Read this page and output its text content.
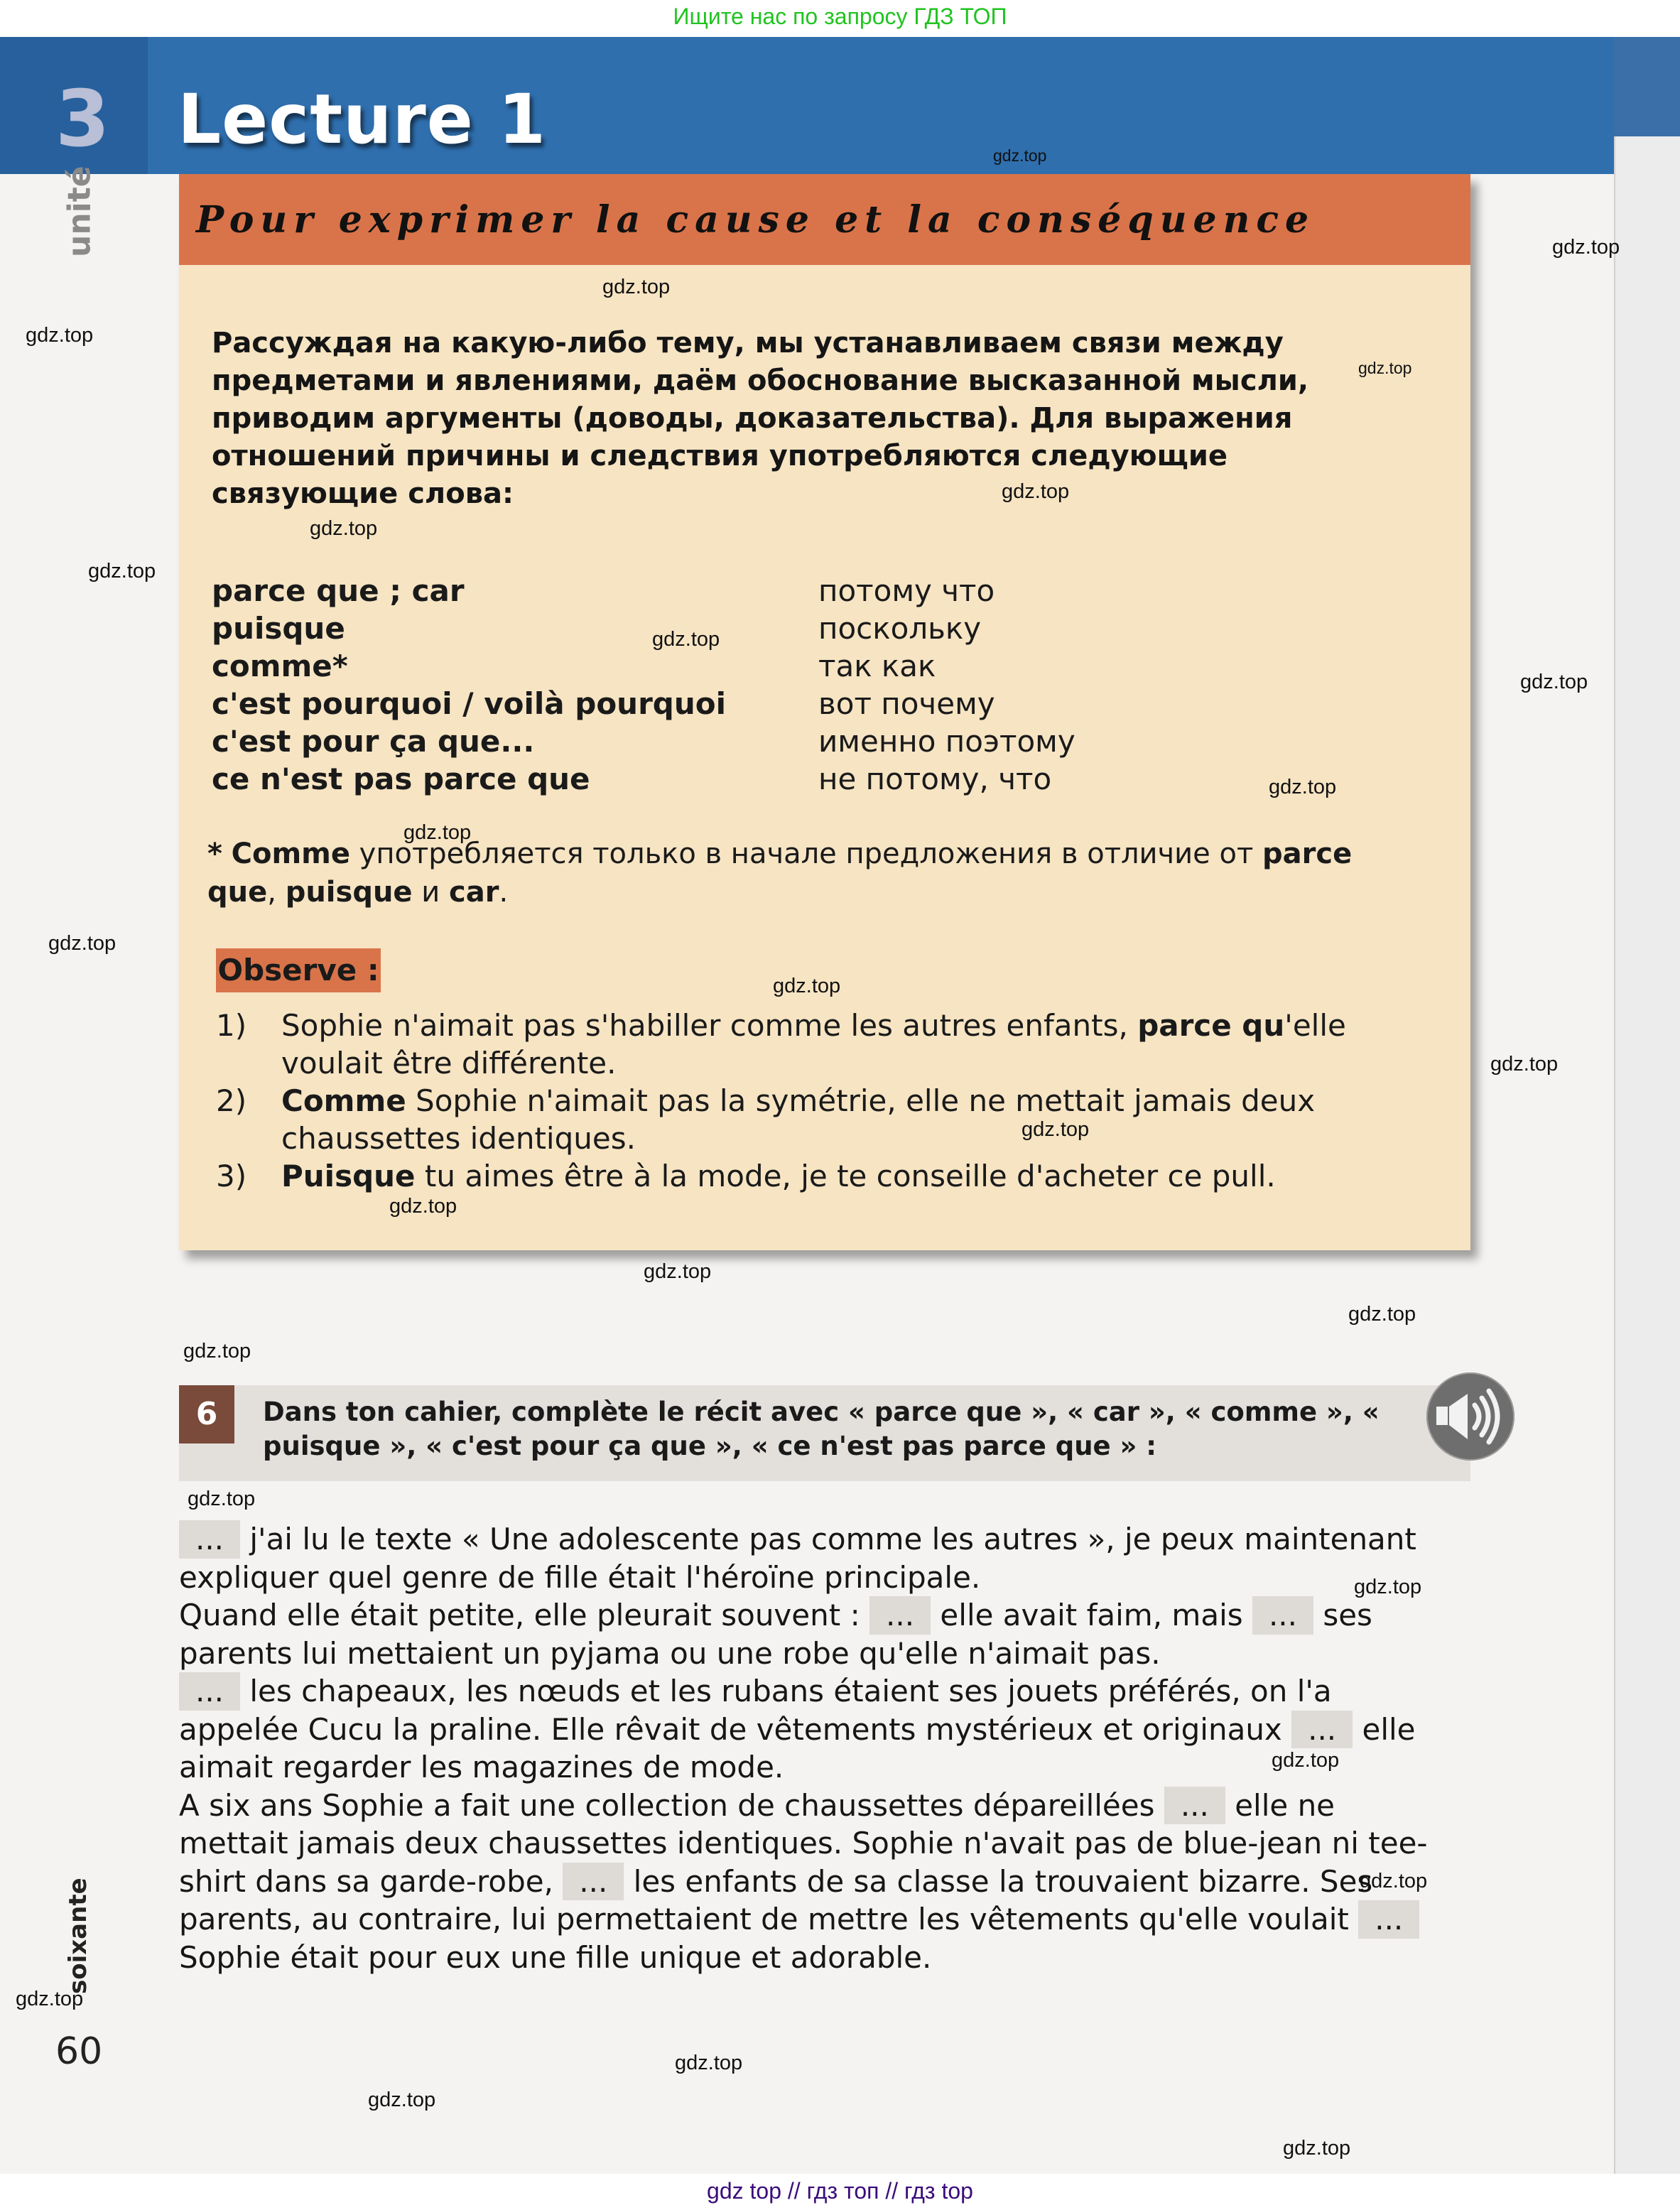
Ищите нас по запросу ГДЗ ТОП
3
unité
Lecture 1
Pour exprimer la cause et la conséquence
Рассуждая на какую-либо тему, мы устанавливаем связи между предметами и явлениями, даём обоснование высказанной мысли, приводим аргументы (доводы, доказательства). Для выражения отношений причины и следствия употребляются следующие связующие слова:
parce que ; car	потому что
puisque	поскольку
comme*	так как
c'est pourquoi / voilà pourquoi	вот почему
c'est pour ça que...	именно поэтому
ce n'est pas parce que	не потому, что
* Comme употребляется только в начале предложения в отличие от parce que, puisque и car.
Observe :
1)	Sophie n'aimait pas s'habiller comme les autres enfants, parce qu'elle voulait être différente.
2)	Comme Sophie n'aimait pas la symétrie, elle ne mettait jamais deux chaussettes identiques.
3)	Puisque tu aimes être à la mode, je te conseille d'acheter ce pull.
6	Dans ton cahier, complète le récit avec « parce que », « car », « comme », « puisque », « c'est pour ça que », « ce n'est pas parce que » :

... j'ai lu le texte « Une adolescente pas comme les autres », je peux maintenant expliquer quel genre de fille était l'héroïne principale.

Quand elle était petite, elle pleurait souvent : ... elle avait faim, mais ... ses parents lui mettaient un pyjama ou une robe qu'elle n'aimait pas.

... les chapeaux, les nœuds et les rubans étaient ses jouets préférés, on l'a appelée Cucu la praline. Elle rêvait de vêtements mystérieux et originaux ... elle aimait regarder les magazines de mode.

A six ans Sophie a fait une collection de chaussettes dépareillées ... elle ne mettait jamais deux chaussettes identiques. Sophie n'avait pas de blue-jean ni tee-shirt dans sa garde-robe, ... les enfants de sa classe la trouvaient bizarre. Ses parents, au contraire, lui permettaient de mettre les vêtements qu'elle voulait ... Sophie était pour eux une fille unique et adorable.

soixante
60
gdz.top
gdz.top
gdz.top
gdz.top
gdz.top
gdz.top
gdz.top
gdz.top
gdz.top
gdz.top
gdz.top
gdz.top
gdz.top
gdz.top
gdz.top
gdz.top
gdz.top
gdz.top
gdz.top
gdz.top
gdz.top
gdz.top
gdz.top
gdz.top
gdz.top
gdz.top
gdz.top
gdz.top
gdz top // гдз топ // гдз top
